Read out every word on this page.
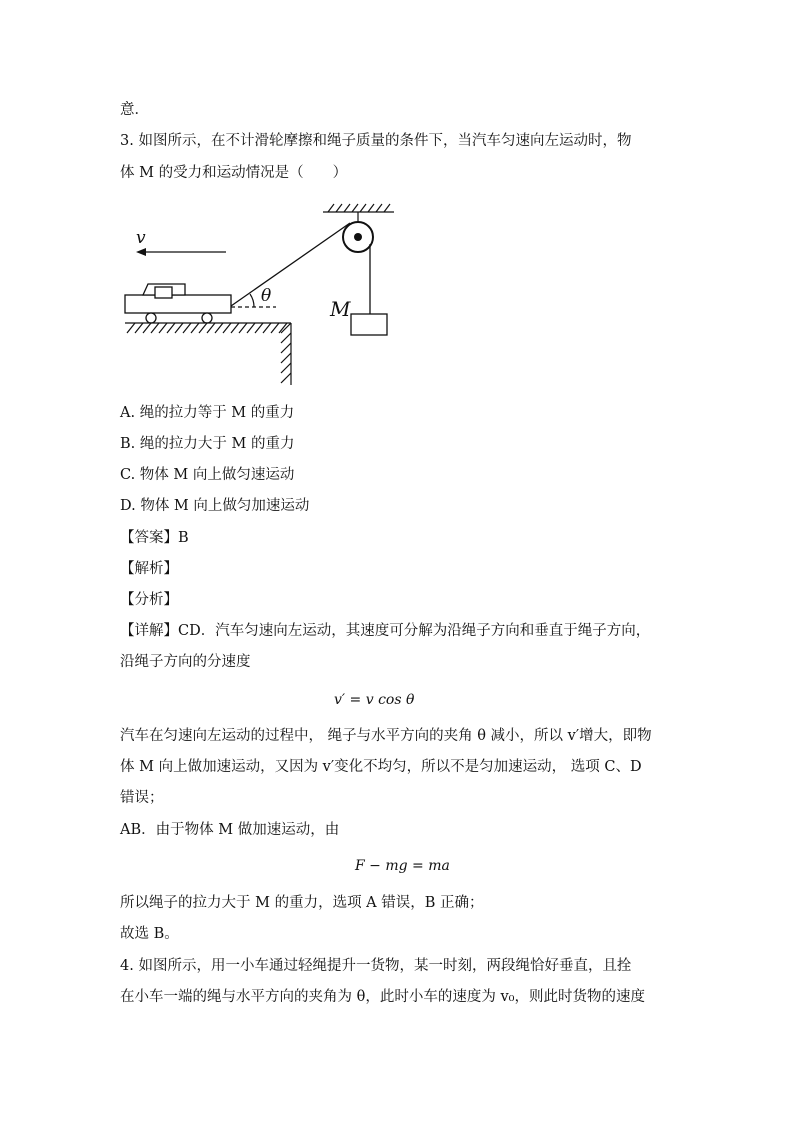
意．
3. 如图所示，在不计滑轮摩擦和绳子质量的条件下，当汽车匀速向左运动时，物
体 M 的受力和运动情况是（　　）
M
v
θ
A. 绳的拉力等于 M 的重力
B. 绳的拉力大于 M 的重力
C. 物体 M 向上做匀速运动
D. 物体 M 向上做匀加速运动
【答案】B
【解析】
【分析】
【详解】CD．汽车匀速向左运动，其速度可分解为沿绳子方向和垂直于绳子方向，
沿绳子方向的分速度
v′ = v cos θ
汽车在匀速向左运动的过程中， 绳子与水平方向的夹角 θ 减小，所以 v′增大，即物
体 M 向上做加速运动，又因为 v′变化不均匀，所以不是匀加速运动， 选项 C、D
错误；
AB．由于物体 M 做加速运动，由
F − mg = ma
所以绳子的拉力大于 M 的重力，选项 A 错误，B 正确；
故选 B。
4. 如图所示，用一小车通过轻绳提升一货物，某一时刻，两段绳恰好垂直，且拴
在小车一端的绳与水平方向的夹角为 θ，此时小车的速度为 v₀，则此时货物的速度
